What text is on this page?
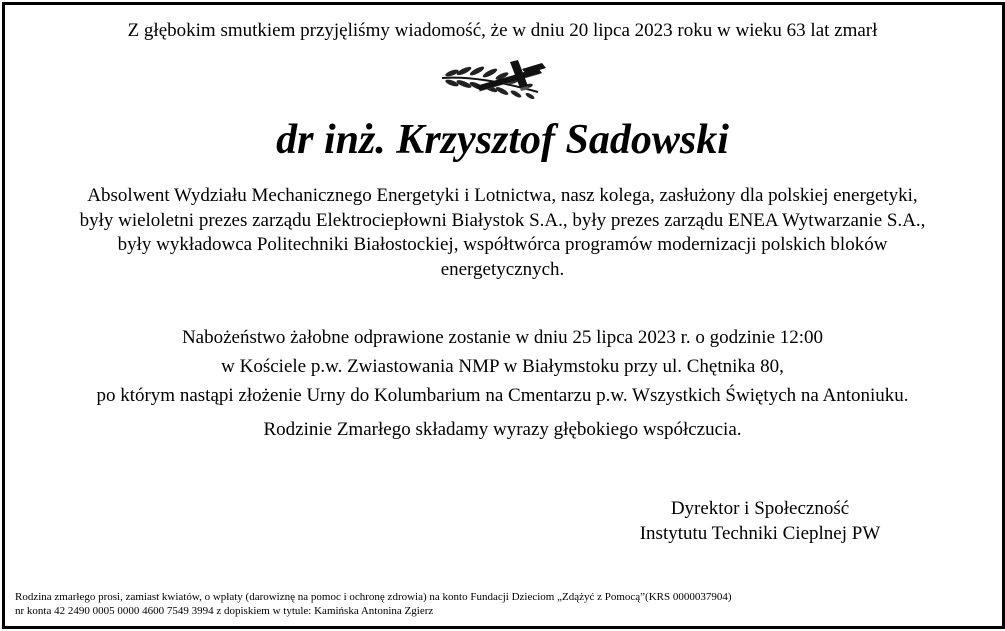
Z głębokim smutkiem przyjęliśmy wiadomość, że w dniu 20 lipca 2023 roku w wieku 63 lat zmarł
dr inż. Krzysztof Sadowski
Absolwent Wydziału Mechanicznego Energetyki i Lotnictwa, nasz kolega, zasłużony dla polskiej energetyki,
były wieloletni prezes zarządu Elektrociepłowni Białystok S.A., były prezes zarządu ENEA Wytwarzanie S.A.,
były wykładowca Politechniki Białostockiej, współtwórca programów modernizacji polskich bloków
energetycznych.
Nabożeństwo żałobne odprawione zostanie w dniu 25 lipca 2023 r. o godzinie 12:00
w Kościele p.w. Zwiastowania NMP w Białymstoku przy ul. Chętnika 80,
po którym nastąpi złożenie Urny do Kolumbarium na Cmentarzu p.w. Wszystkich Świętych na Antoniuku.
Rodzinie Zmarłego składamy wyrazy głębokiego współczucia.
Dyrektor i Społeczność
Instytutu Techniki Cieplnej PW
Rodzina zmarłego prosi, zamiast kwiatów, o wpłaty (darowiznę na pomoc i ochronę zdrowia) na konto Fundacji Dzieciom „Zdążyć z Pomocą”(KRS 0000037904)
nr konta 42 2490 0005 0000 4600 7549 3994 z dopiskiem w tytule: Kamińska Antonina Zgierz
